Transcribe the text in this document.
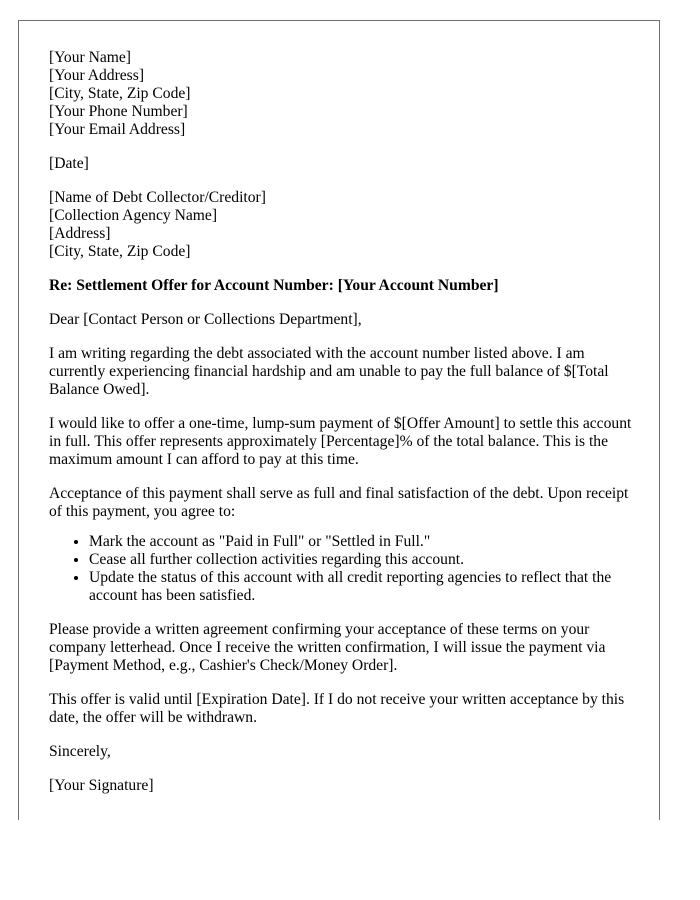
[Your Name]
[Your Address]
[City, State, Zip Code]
[Your Phone Number]
[Your Email Address]
[Date]
[Name of Debt Collector/Creditor]
[Collection Agency Name]
[Address]
[City, State, Zip Code]
Re: Settlement Offer for Account Number: [Your Account Number]

Dear [Contact Person or Collections Department],

I am writing regarding the debt associated with the account number listed above. I am currently experiencing financial hardship and am unable to pay the full balance of $[Total Balance Owed].

I would like to offer a one-time, lump-sum payment of $[Offer Amount] to settle this account in full. This offer represents approximately [Percentage]% of the total balance. This is the maximum amount I can afford to pay at this time.

Acceptance of this payment shall serve as full and final satisfaction of the debt. Upon receipt of this payment, you agree to:

• Mark the account as "Paid in Full" or "Settled in Full."
• Cease all further collection activities regarding this account.
• Update the status of this account with all credit reporting agencies to reflect that the account has been satisfied.

Please provide a written agreement confirming your acceptance of these terms on your company letterhead. Once I receive the written confirmation, I will issue the payment via [Payment Method, e.g., Cashier's Check/Money Order].

This offer is valid until [Expiration Date]. If I do not receive your written acceptance by this date, the offer will be withdrawn.

Sincerely,

[Your Signature]
